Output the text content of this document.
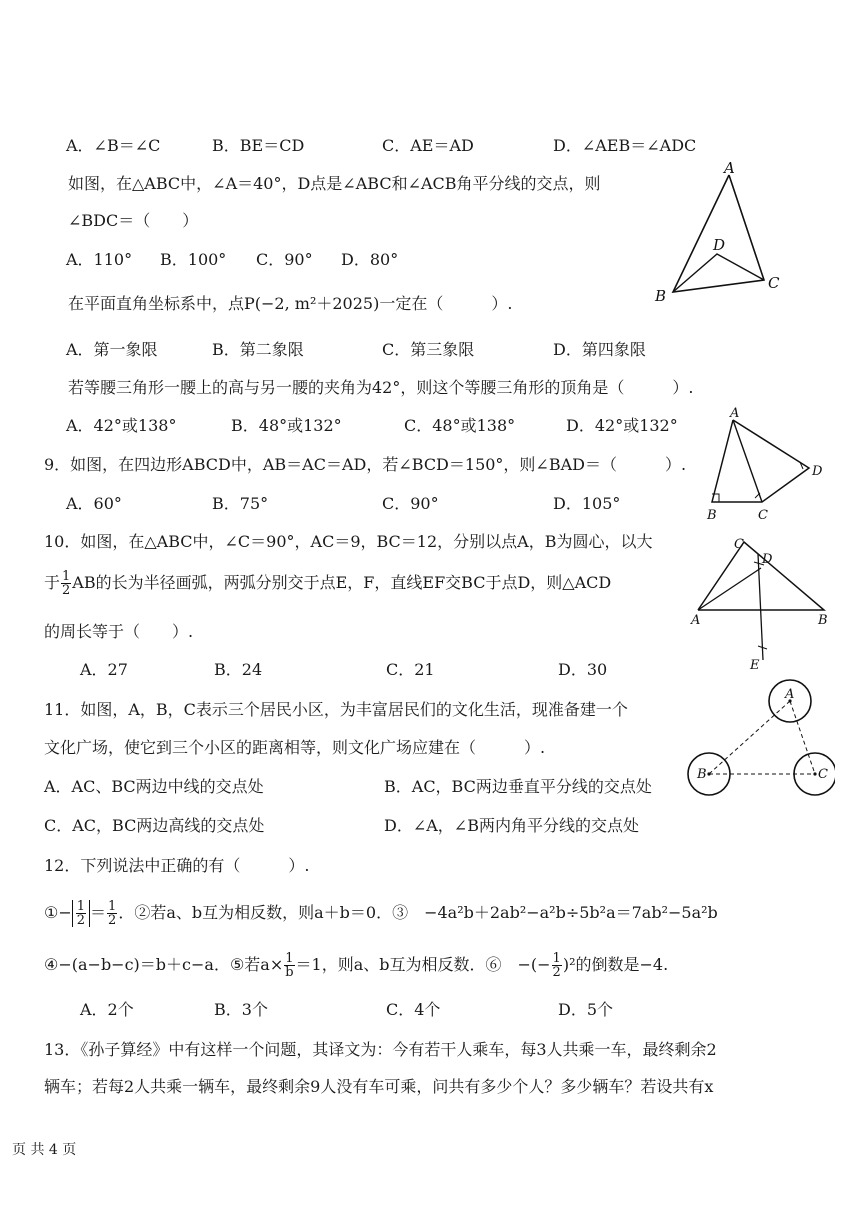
A．∠B＝∠C	B．BE＝CD	C．AE＝AD	D．∠AEB＝∠ADC
如图，在△ABC中，∠A＝40°，D点是∠ABC和∠ACB角平分线的交点，则
∠BDC＝（　　）
A．110° B．100° C．90° D．80°
A
B
C
D
在平面直角坐标系中，点P(−2, m²＋2025)一定在（　　　）.
A．第一象限	B．第二象限	C．第三象限	D．第四象限
若等腰三角形一腰上的高与另一腰的夹角为42°，则这个等腰三角形的顶角是（　　　）.
A．42°或138°	B．48°或132°	C．48°或138°	D．42°或132°
9．如图，在四边形ABCD中，AB＝AC＝AD，若∠BCD＝150°，则∠BAD＝（　　　）.
A．60°	B．75°	C．90°	D．105°
A
B	C
D
10．如图，在△ABC中，∠C＝90°，AC＝9，BC＝12，分别以点A，B为圆心，以大
于 $\frac{1}{2}$ AB的长为半径画弧，两弧分别交于点E，F，直线EF交BC于点D，则△ACD
的周长等于（　　）.
A．27	B．24	C．21	D．30
C
D
A	B
E
11．如图，A，B，C表示三个居民小区，为丰富居民们的文化生活，现准备建一个
文化广场，使它到三个小区的距离相等，则文化广场应建在（　　　）.
A．AC、BC两边中线的交点处	B．AC，BC两边垂直平分线的交点处
C．AC，BC两边高线的交点处	D．∠A，∠B两内角平分线的交点处
A
B	C
12．下列说法中正确的有（　　　）.
①− $\frac{1}{2} = \frac{1}{2}$ ．②若a、b互为相反数，则a＋b＝0．③　−4a²b＋2ab²−a²b÷5b²a＝7ab²−5a²b
④−(a−b−c)＝b＋c−a．⑤若$a\times \frac{1}{b} =1$，则a、b互为相反数．⑥　−(− $\frac{1}{2} )^2$的倒数是−4.
A．2个	B．3个	C．4个	D．5个
13．《孙子算经》中有这样一个问题，其译文为：今有若干人乘车，每3人共乘一车，最终剩余2
辆车；若每2人共乘一辆车，最终剩余9人没有车可乘，问共有多少个人？多少辆车？若设共有x
页 共 4 页
